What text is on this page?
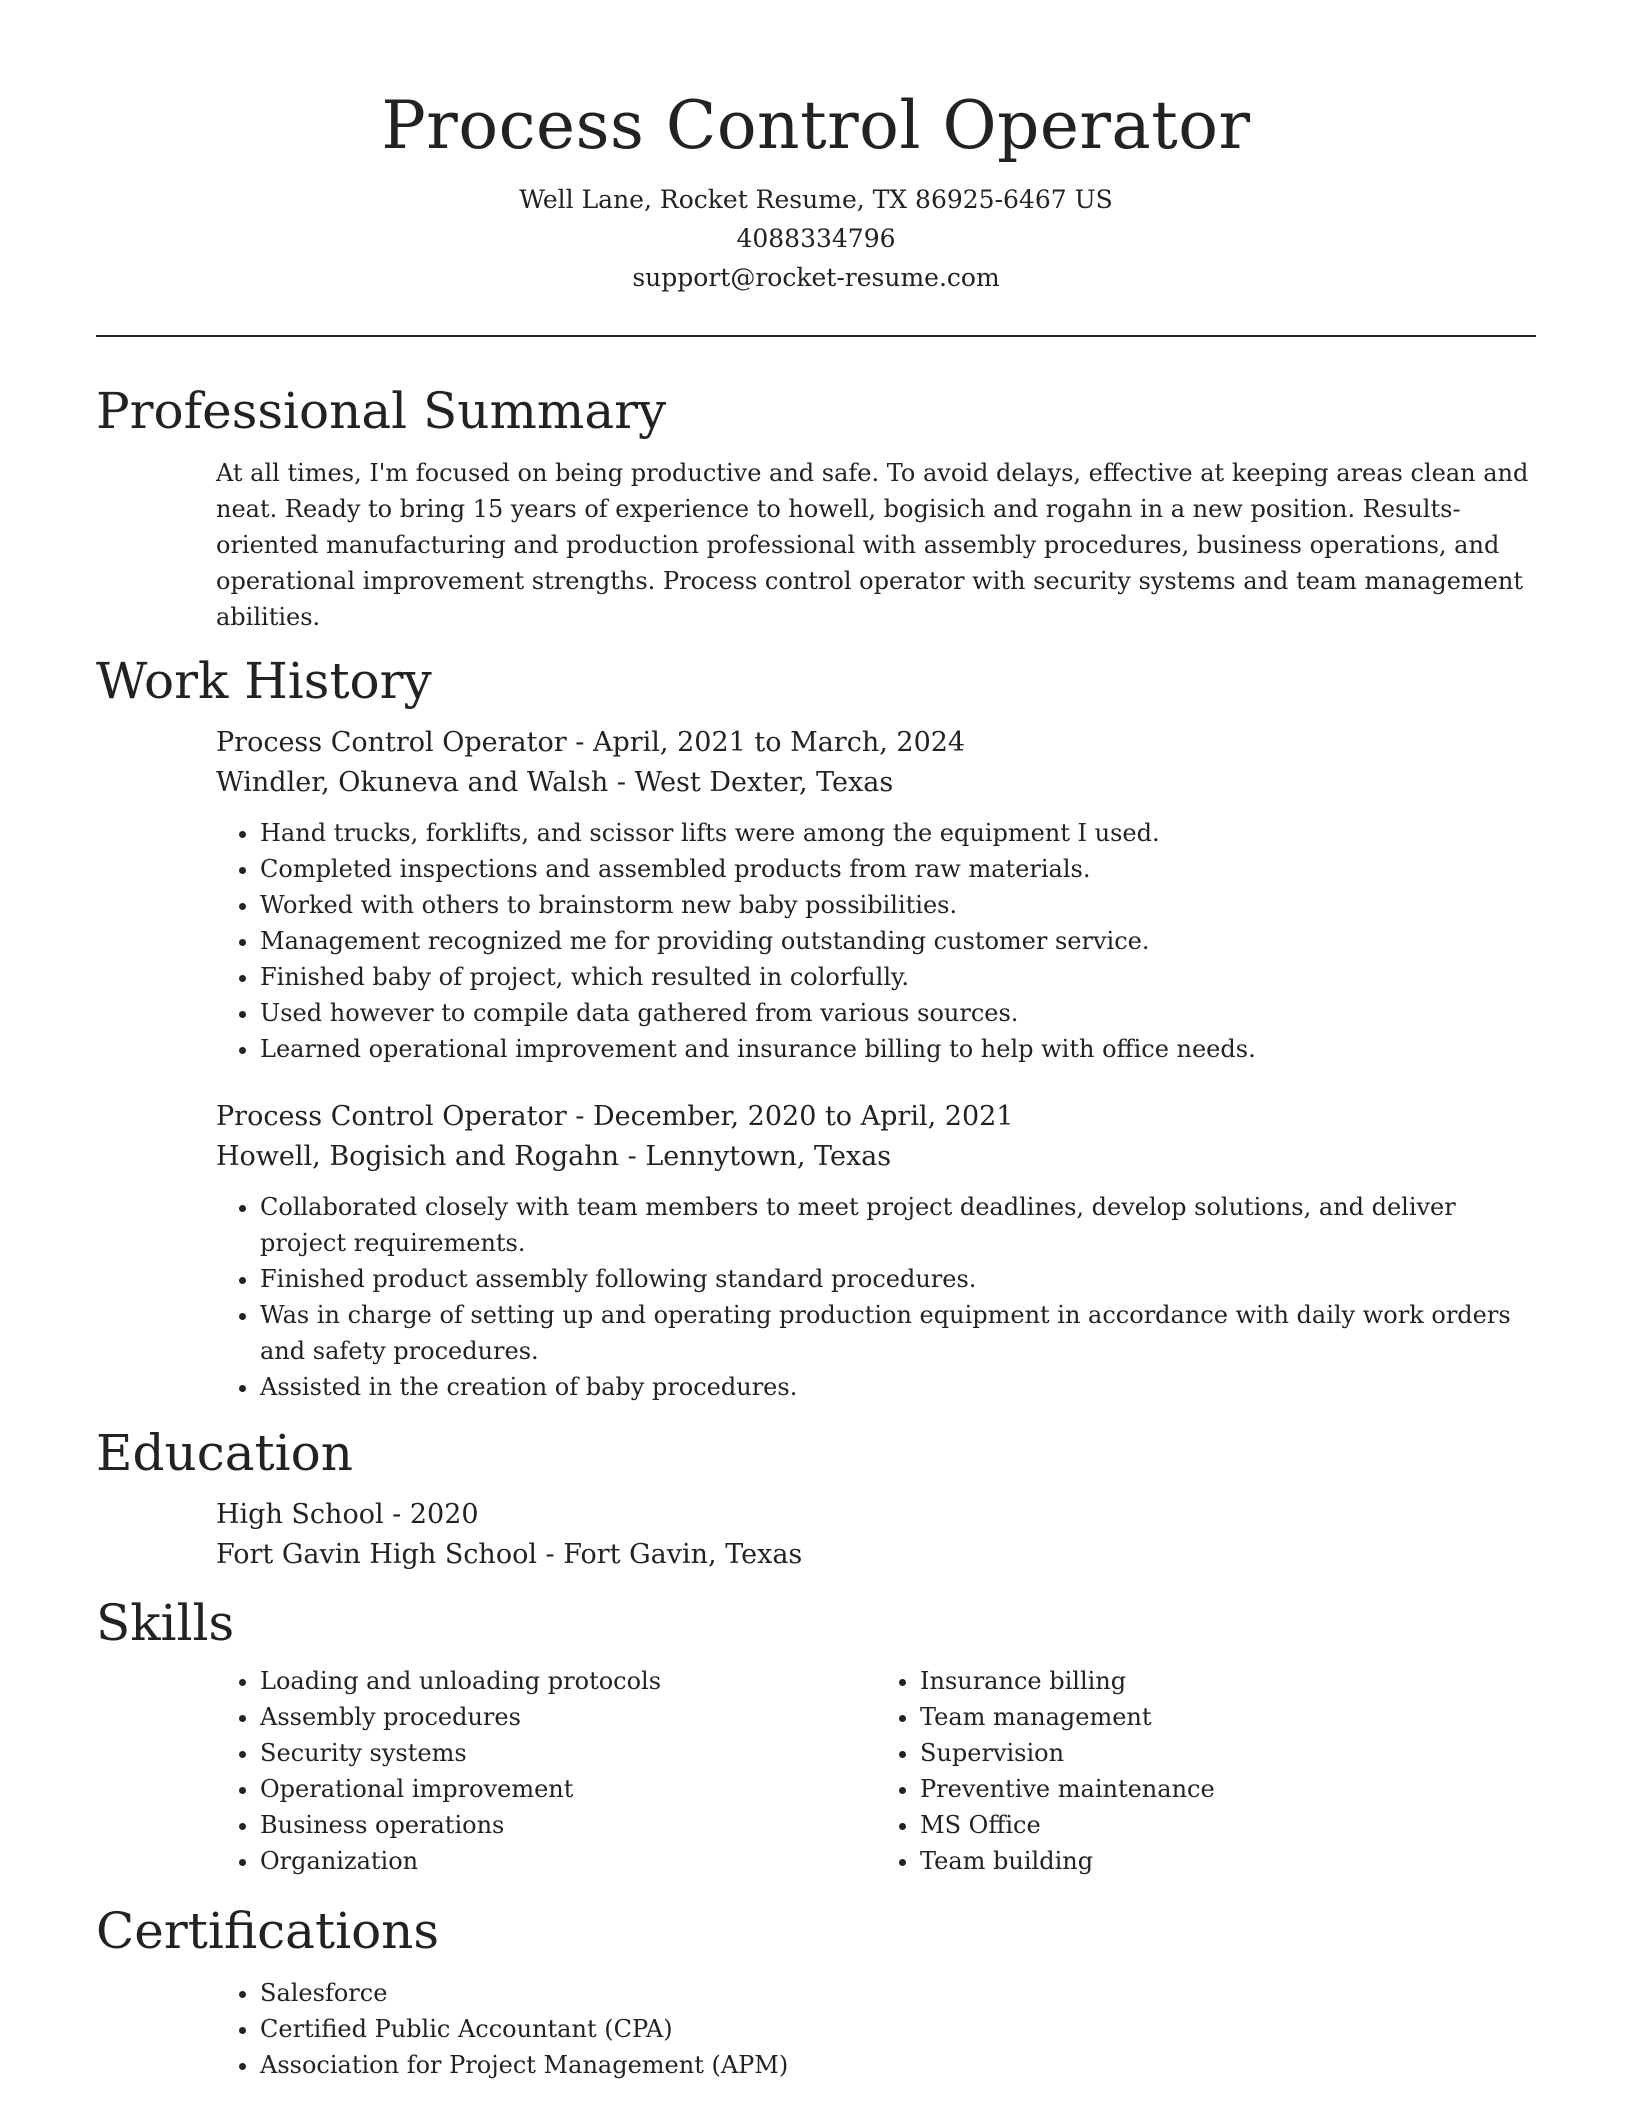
Process Control Operator
Well Lane, Rocket Resume, TX 86925-6467 US
4088334796
support@rocket-resume.com
Professional Summary

At all times, I'm focused on being productive and safe. To avoid delays, effective at keeping areas clean and neat. Ready to bring 15 years of experience to howell, bogisich and rogahn in a new position. Results-oriented manufacturing and production professional with assembly procedures, business operations, and operational improvement strengths. Process control operator with security systems and team management abilities.

Work History
Process Control Operator - April, 2021 to March, 2024
Windler, Okuneva and Walsh - West Dexter, Texas
• Hand trucks, forklifts, and scissor lifts were among the equipment I used.
• Completed inspections and assembled products from raw materials.
• Worked with others to brainstorm new baby possibilities.
• Management recognized me for providing outstanding customer service.
• Finished baby of project, which resulted in colorfully.
• Used however to compile data gathered from various sources.
• Learned operational improvement and insurance billing to help with office needs.
Process Control Operator - December, 2020 to April, 2021
Howell, Bogisich and Rogahn - Lennytown, Texas
• Collaborated closely with team members to meet project deadlines, develop solutions, and deliver project requirements.
• Finished product assembly following standard procedures.
• Was in charge of setting up and operating production equipment in accordance with daily work orders and safety procedures.
• Assisted in the creation of baby procedures.
Education
High School - 2020
Fort Gavin High School - Fort Gavin, Texas
Skills
• Loading and unloading protocols
• Assembly procedures
• Security systems
• Operational improvement
• Business operations
• Organization
• Insurance billing
• Team management
• Supervision
• Preventive maintenance
• MS Office
• Team building
Certifications
• Salesforce
• Certified Public Accountant (CPA)
• Association for Project Management (APM)
